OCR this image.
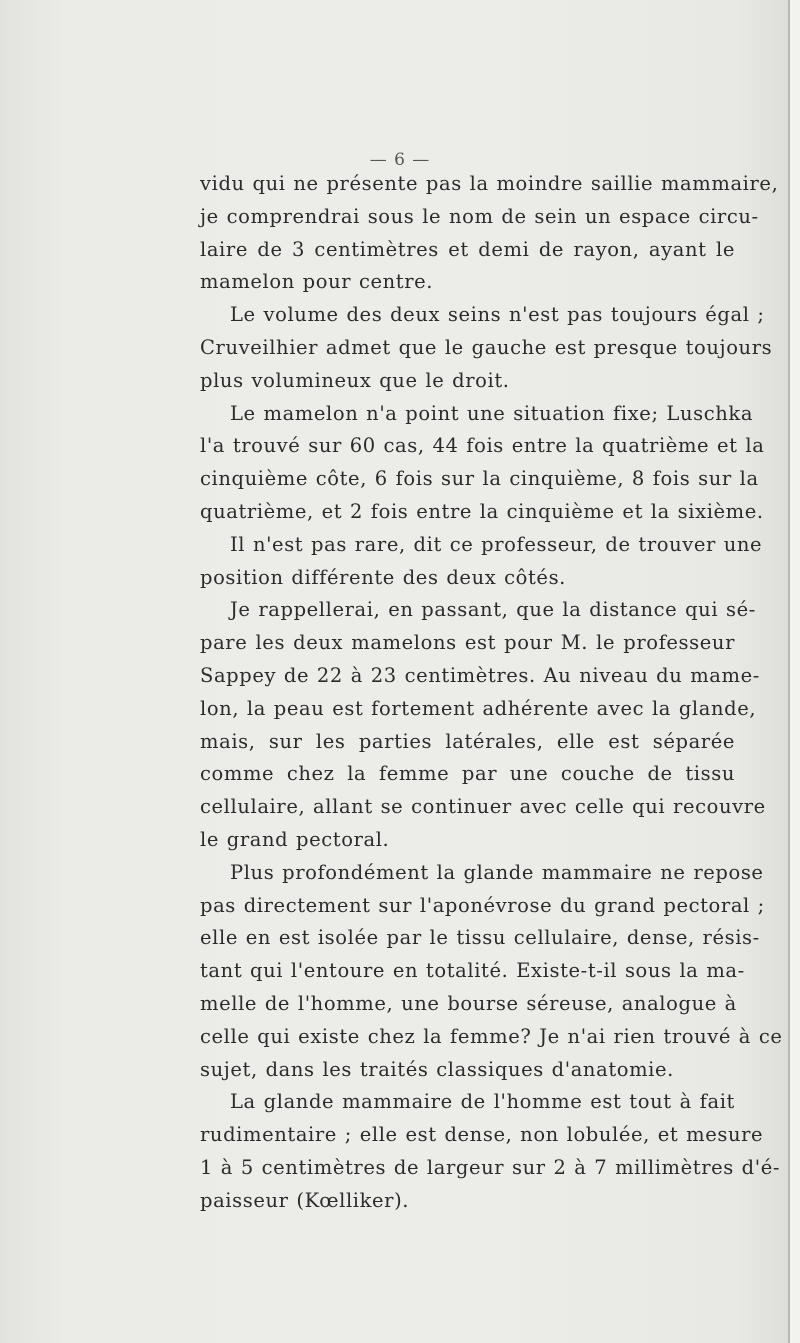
— 6 —
vidu qui ne présente pas la moindre saillie mammaire,
je comprendrai sous le nom de sein un espace circu-
laire de 3 centimètres et demi de rayon, ayant le
mamelon pour centre.
Le volume des deux seins n'est pas toujours égal ;
Cruveilhier admet que le gauche est presque toujours
plus volumineux que le droit.
Le mamelon n'a point une situation fixe; Luschka
l'a trouvé sur 60 cas, 44 fois entre la quatrième et la
cinquième côte, 6 fois sur la cinquième, 8 fois sur la
quatrième, et 2 fois entre la cinquième et la sixième.
Il n'est pas rare, dit ce professeur, de trouver une
position différente des deux côtés.
Je rappellerai, en passant, que la distance qui sé-
pare les deux mamelons est pour M. le professeur
Sappey de 22 à 23 centimètres. Au niveau du mame-
lon, la peau est fortement adhérente avec la glande,
mais, sur les parties latérales, elle est séparée
comme chez la femme par une couche de tissu
cellulaire, allant se continuer avec celle qui recouvre
le grand pectoral.
Plus profondément la glande mammaire ne repose
pas directement sur l'aponévrose du grand pectoral ;
elle en est isolée par le tissu cellulaire, dense, résis-
tant qui l'entoure en totalité. Existe-t-il sous la ma-
melle de l'homme, une bourse séreuse, analogue à
celle qui existe chez la femme? Je n'ai rien trouvé à ce
sujet, dans les traités classiques d'anatomie.
La glande mammaire de l'homme est tout à fait
rudimentaire ; elle est dense, non lobulée, et mesure
1 à 5 centimètres de largeur sur 2 à 7 millimètres d'é-
paisseur (Kœlliker).
